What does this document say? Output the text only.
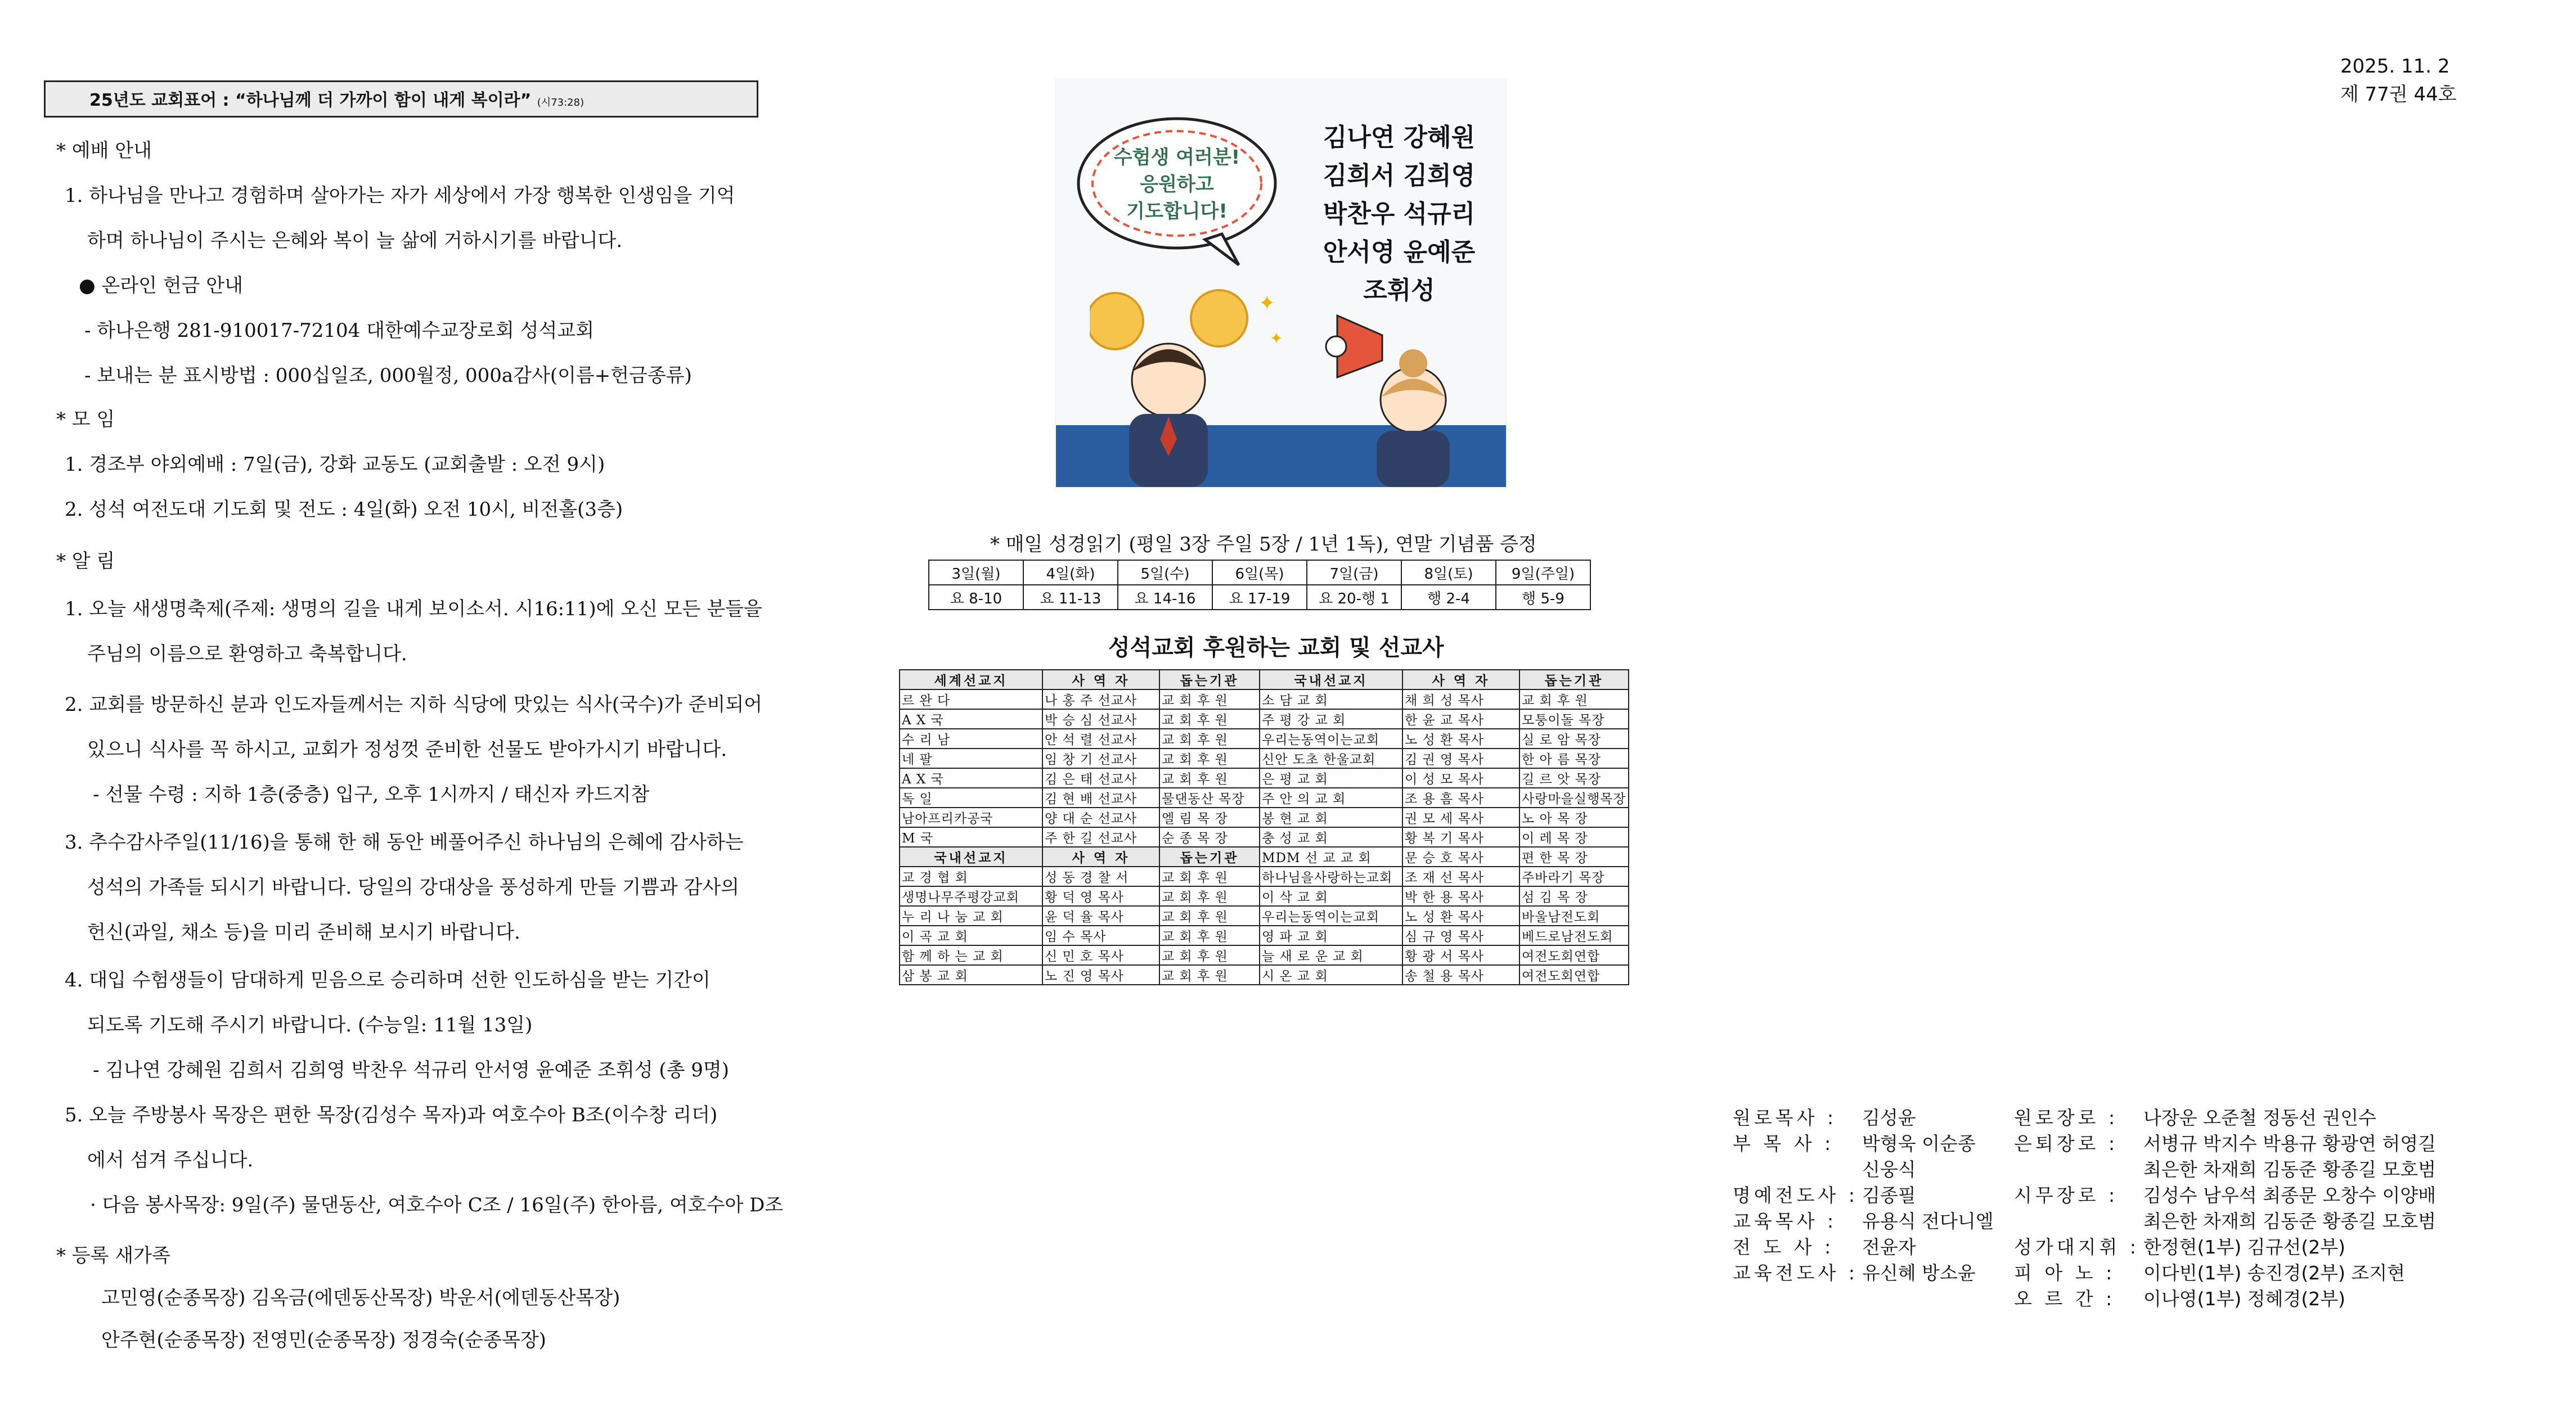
25년도 교회표어 : “하나님께 더 가까이 함이 내게 복이라” (시73:28)
2025. 11. 2
제 77권 44호
* 예배 안내
1. 하나님을 만나고 경험하며 살아가는 자가 세상에서 가장 행복한 인생임을 기억
하며 하나님이 주시는 은혜와 복이 늘 삶에 거하시기를 바랍니다.
● 온라인 헌금 안내
- 하나은행 281-910017-72104 대한예수교장로회 성석교회
- 보내는 분 표시방법 : 000십일조, 000월정, 000a감사(이름+헌금종류)
* 모 임
1. 경조부 야외예배 : 7일(금), 강화 교동도 (교회출발 : 오전 9시)
2. 성석 여전도대 기도회 및 전도 : 4일(화) 오전 10시, 비전홀(3층)
* 알 림
1. 오늘 새생명축제(주제: 생명의 길을 내게 보이소서. 시16:11)에 오신 모든 분들을
주님의 이름으로 환영하고 축복합니다.
2. 교회를 방문하신 분과 인도자들께서는 지하 식당에 맛있는 식사(국수)가 준비되어
있으니 식사를 꼭 하시고, 교회가 정성껏 준비한 선물도 받아가시기 바랍니다.
- 선물 수령 : 지하 1층(중층) 입구, 오후 1시까지 / 태신자 카드지참
3. 추수감사주일(11/16)을 통해 한 해 동안 베풀어주신 하나님의 은혜에 감사하는
성석의 가족들 되시기 바랍니다. 당일의 강대상을 풍성하게 만들 기쁨과 감사의
헌신(과일, 채소 등)을 미리 준비해 보시기 바랍니다.
4. 대입 수험생들이 담대하게 믿음으로 승리하며 선한 인도하심을 받는 기간이
되도록 기도해 주시기 바랍니다. (수능일: 11월 13일)
- 김나연 강혜원 김희서 김희영 박찬우 석규리 안서영 윤예준 조휘성 (총 9명)
5. 오늘 주방봉사 목장은 편한 목장(김성수 목자)과 여호수아 B조(이수창 리더)
에서 섬겨 주십니다.
· 다음 봉사목장: 9일(주) 물댄동산, 여호수아 C조 / 16일(주) 한아름, 여호수아 D조
* 등록 새가족
고민영(순종목장) 김옥금(에덴동산목장) 박운서(에덴동산목장)
안주현(순종목장) 전영민(순종목장) 정경숙(순종목장)
수험생 여러분!
응원하고
기도합니다!
김나연 강혜원
김희서 김희영
박찬우 석규리
안서영 윤예준
조휘성
✦
✦
* 매일 성경읽기 (평일 3장 주일 5장 / 1년 1독), 연말 기념품 증정
3일(월)	4일(화)	5일(수)	6일(목)	7일(금)	8일(토)	9일(주일)
요 8-10	요 11-13	요 14-16	요 17-19	요 20-행 1	행 2-4	행 5-9
성석교회 후원하는 교회 및 선교사
세계선교지	사 역 자	돕는기관	국내선교지	사 역 자	돕는기관
르 완 다	나 홍 주 선교사	교 회 후 원	소 담 교 회	채 희 성 목사	교 회 후 원
A X 국	박 승 심 선교사	교 회 후 원	주 평 강 교 회	한 윤 교 목사	모퉁이돌 목장
수 리 남	안 석 렬 선교사	교 회 후 원	우리는동역이는교회	노 성 환 목사	실 로 암 목장
네 팔	임 창 기 선교사	교 회 후 원	신안 도초 한울교회	김 권 영 목사	한 아 름 목장
A X 국	김 은 태 선교사	교 회 후 원	은 평 교 회	이 성 모 목사	길 르 앗 목장
독 일	김 현 배 선교사	물댄동산 목장	주 안 의 교 회	조 용 흠 목사	사랑마을실행목장
남아프리카공국	양 대 순 선교사	엘 림 목 장	봉 현 교 회	권 모 세 목사	노 아 목 장
M 국	주 한 길 선교사	순 종 목 장	충 성 교 회	황 복 기 목사	이 레 목 장
국내선교지	사 역 자	돕는기관	MDM 선 교 교 회	문 승 호 목사	편 한 목 장
교 경 협 회	성 동 경 찰 서	교 회 후 원	하나님을사랑하는교회	조 재 선 목사	주바라기 목장
생명나무주평강교회	황 덕 영 목사	교 회 후 원	이 삭 교 회	박 한 용 목사	섬 김 목 장
누 리 나 눔 교 회	윤 덕 율 목사	교 회 후 원	우리는동역이는교회	노 성 환 목사	바울남전도회
이 곡 교 회	임 수 목사	교 회 후 원	영 파 교 회	심 규 영 목사	베드로남전도회
함 께 하 는 교 회	신 민 호 목사	교 회 후 원	늘 새 로 운 교 회	황 광 서 목사	여전도회연합
삼 봉 교 회	노 진 영 목사	교 회 후 원	시 온 교 회	송 철 용 목사	여전도회연합
원로목사 : 김성윤
부 목 사 : 박형욱 이순종
신웅식
명예전도사 : 김종필
교육목사 : 유용식 전다니엘
전 도 사 : 전윤자
교육전도사 : 유신혜 방소윤
원로장로 : 나장운 오준철 정동선 권인수
은퇴장로 : 서병규 박지수 박용규 황광연 허영길
최은한 차재희 김동준 황종길 모호범
시무장로 : 김성수 남우석 최종문 오창수 이양배
최은한 차재희 김동준 황종길 모호범
성가대지휘 : 한정현(1부) 김규선(2부)
피 아 노 : 이다빈(1부) 송진경(2부) 조지현
오 르 간 : 이나영(1부) 정혜경(2부)
